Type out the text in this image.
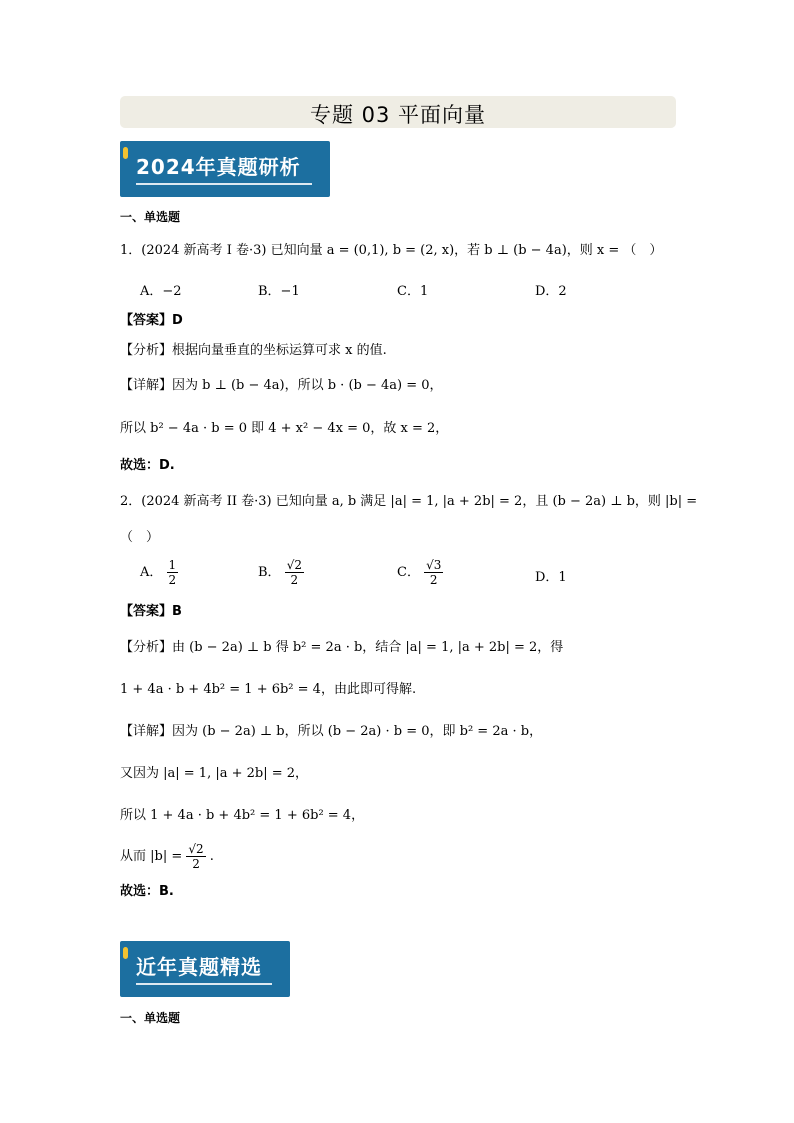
专题 03 平面向量
2024年真题研析
一、单选题
1．(2024 新高考 I 卷·3) 已知向量 a = (0,1), b = (2, x)，若 b ⊥ (b − 4a)，则 x = （　）
A．−2	B．−1	C．1	D．2
【答案】D
【分析】根据向量垂直的坐标运算可求 x 的值.
【详解】因为 b ⊥ (b − 4a)，所以 b · (b − 4a) = 0，
所以 b² − 4a · b = 0 即 4 + x² − 4x = 0，故 x = 2，
故选：D.
2．(2024 新高考 II 卷·3) 已知向量 a, b 满足 |a| = 1, |a + 2b| = 2，且 (b − 2a) ⊥ b，则 |b| =
（　）
A． $\frac{1}{2}$	B． $\frac{√2}{2}$	C． $\frac{√3}{2}$	D．1
【答案】B
【分析】由 (b − 2a) ⊥ b 得 b² = 2a · b，结合 |a| = 1, |a + 2b| = 2，得
1 + 4a · b + 4b² = 1 + 6b² = 4，由此即可得解.
【详解】因为 (b − 2a) ⊥ b，所以 (b − 2a) · b = 0，即 b² = 2a · b，
又因为 |a| = 1, |a + 2b| = 2，
所以 1 + 4a · b + 4b² = 1 + 6b² = 4，
从而 $|b| = \frac{√2}{2}$ .
故选：B.
近年真题精选
一、单选题
